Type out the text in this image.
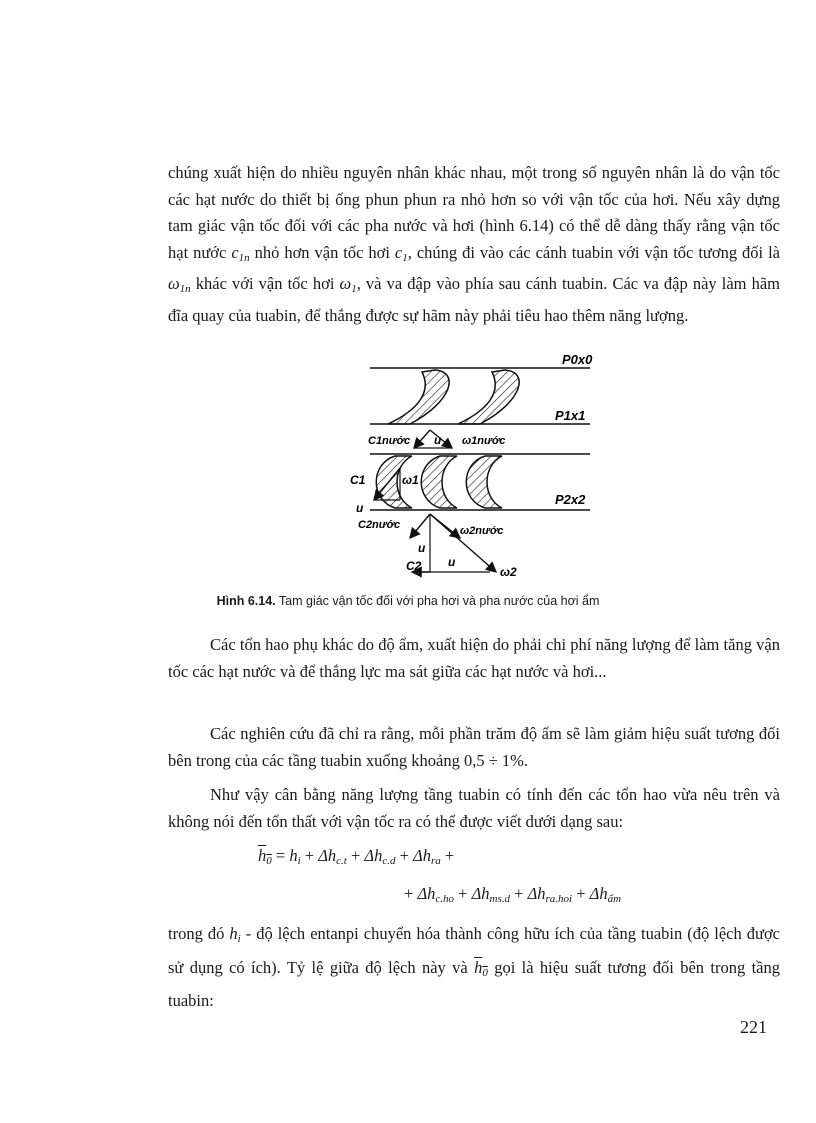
chúng xuất hiện do nhiều nguyên nhân khác nhau, một trong số nguyên nhân là do vận tốc các hạt nước do thiết bị ống phun phun ra nhỏ hơn so với vận tốc của hơi. Nếu xây dựng tam giác vận tốc đối với các pha nước và hơi (hình 6.14) có thể dễ dàng thấy rằng vận tốc hạt nước $c_{1n}$ nhỏ hơn vận tốc hơi $c_1$, chúng đi vào các cánh tuabin với vận tốc tương đối là $\omega_{1n}$ khác với vận tốc hơi $\omega_1$, và va đập vào phía sau cánh tuabin. Các va đập này làm hãm đĩa quay của tuabin, để thắng được sự hãm này phải tiêu hao thêm năng lượng.

P0x0
P1x1
P2x2
C1nước u ω1nước
C1	ω1
u
C2nước	ω2nước
u
C2 u
ω2
Hình 6.14. Tam giác vận tốc đối với pha hơi và pha nước của hơi ẩm

Các tổn hao phụ khác do độ ẩm, xuất hiện do phải chi phí năng lượng để làm tăng vận tốc các hạt nước và để thắng lực ma sát giữa các hạt nước và hơi...

Các nghiên cứu đã chỉ ra rằng, mỗi phần trăm độ ẩm sẽ làm giảm hiệu suất tương đối bên trong của các tầng tuabin xuống khoảng 0,5 ÷ 1%.

Như vậy cân bằng năng lượng tầng tuabin có tính đến các tổn hao vừa nêu trên và không nói đến tổn thất với vận tốc ra có thể được viết dưới dạng sau:

$h_0 = h_i + \Delta h_{c.t} + \Delta h_{c.d} + \Delta h_{ra}$ +
+ $\Delta h_{c.ho} + \Delta h_{ms.d} + \Delta h_{ra.hoi} + \Delta h_{ẩm}$

trong đó $h_i$ - độ lệch entanpi chuyển hóa thành công hữu ích của tầng tuabin (độ lệch được sử dụng có ích). Tỷ lệ giữa độ lệch này và $h_0$ gọi là hiệu suất tương đối bên trong tầng tuabin:

221
